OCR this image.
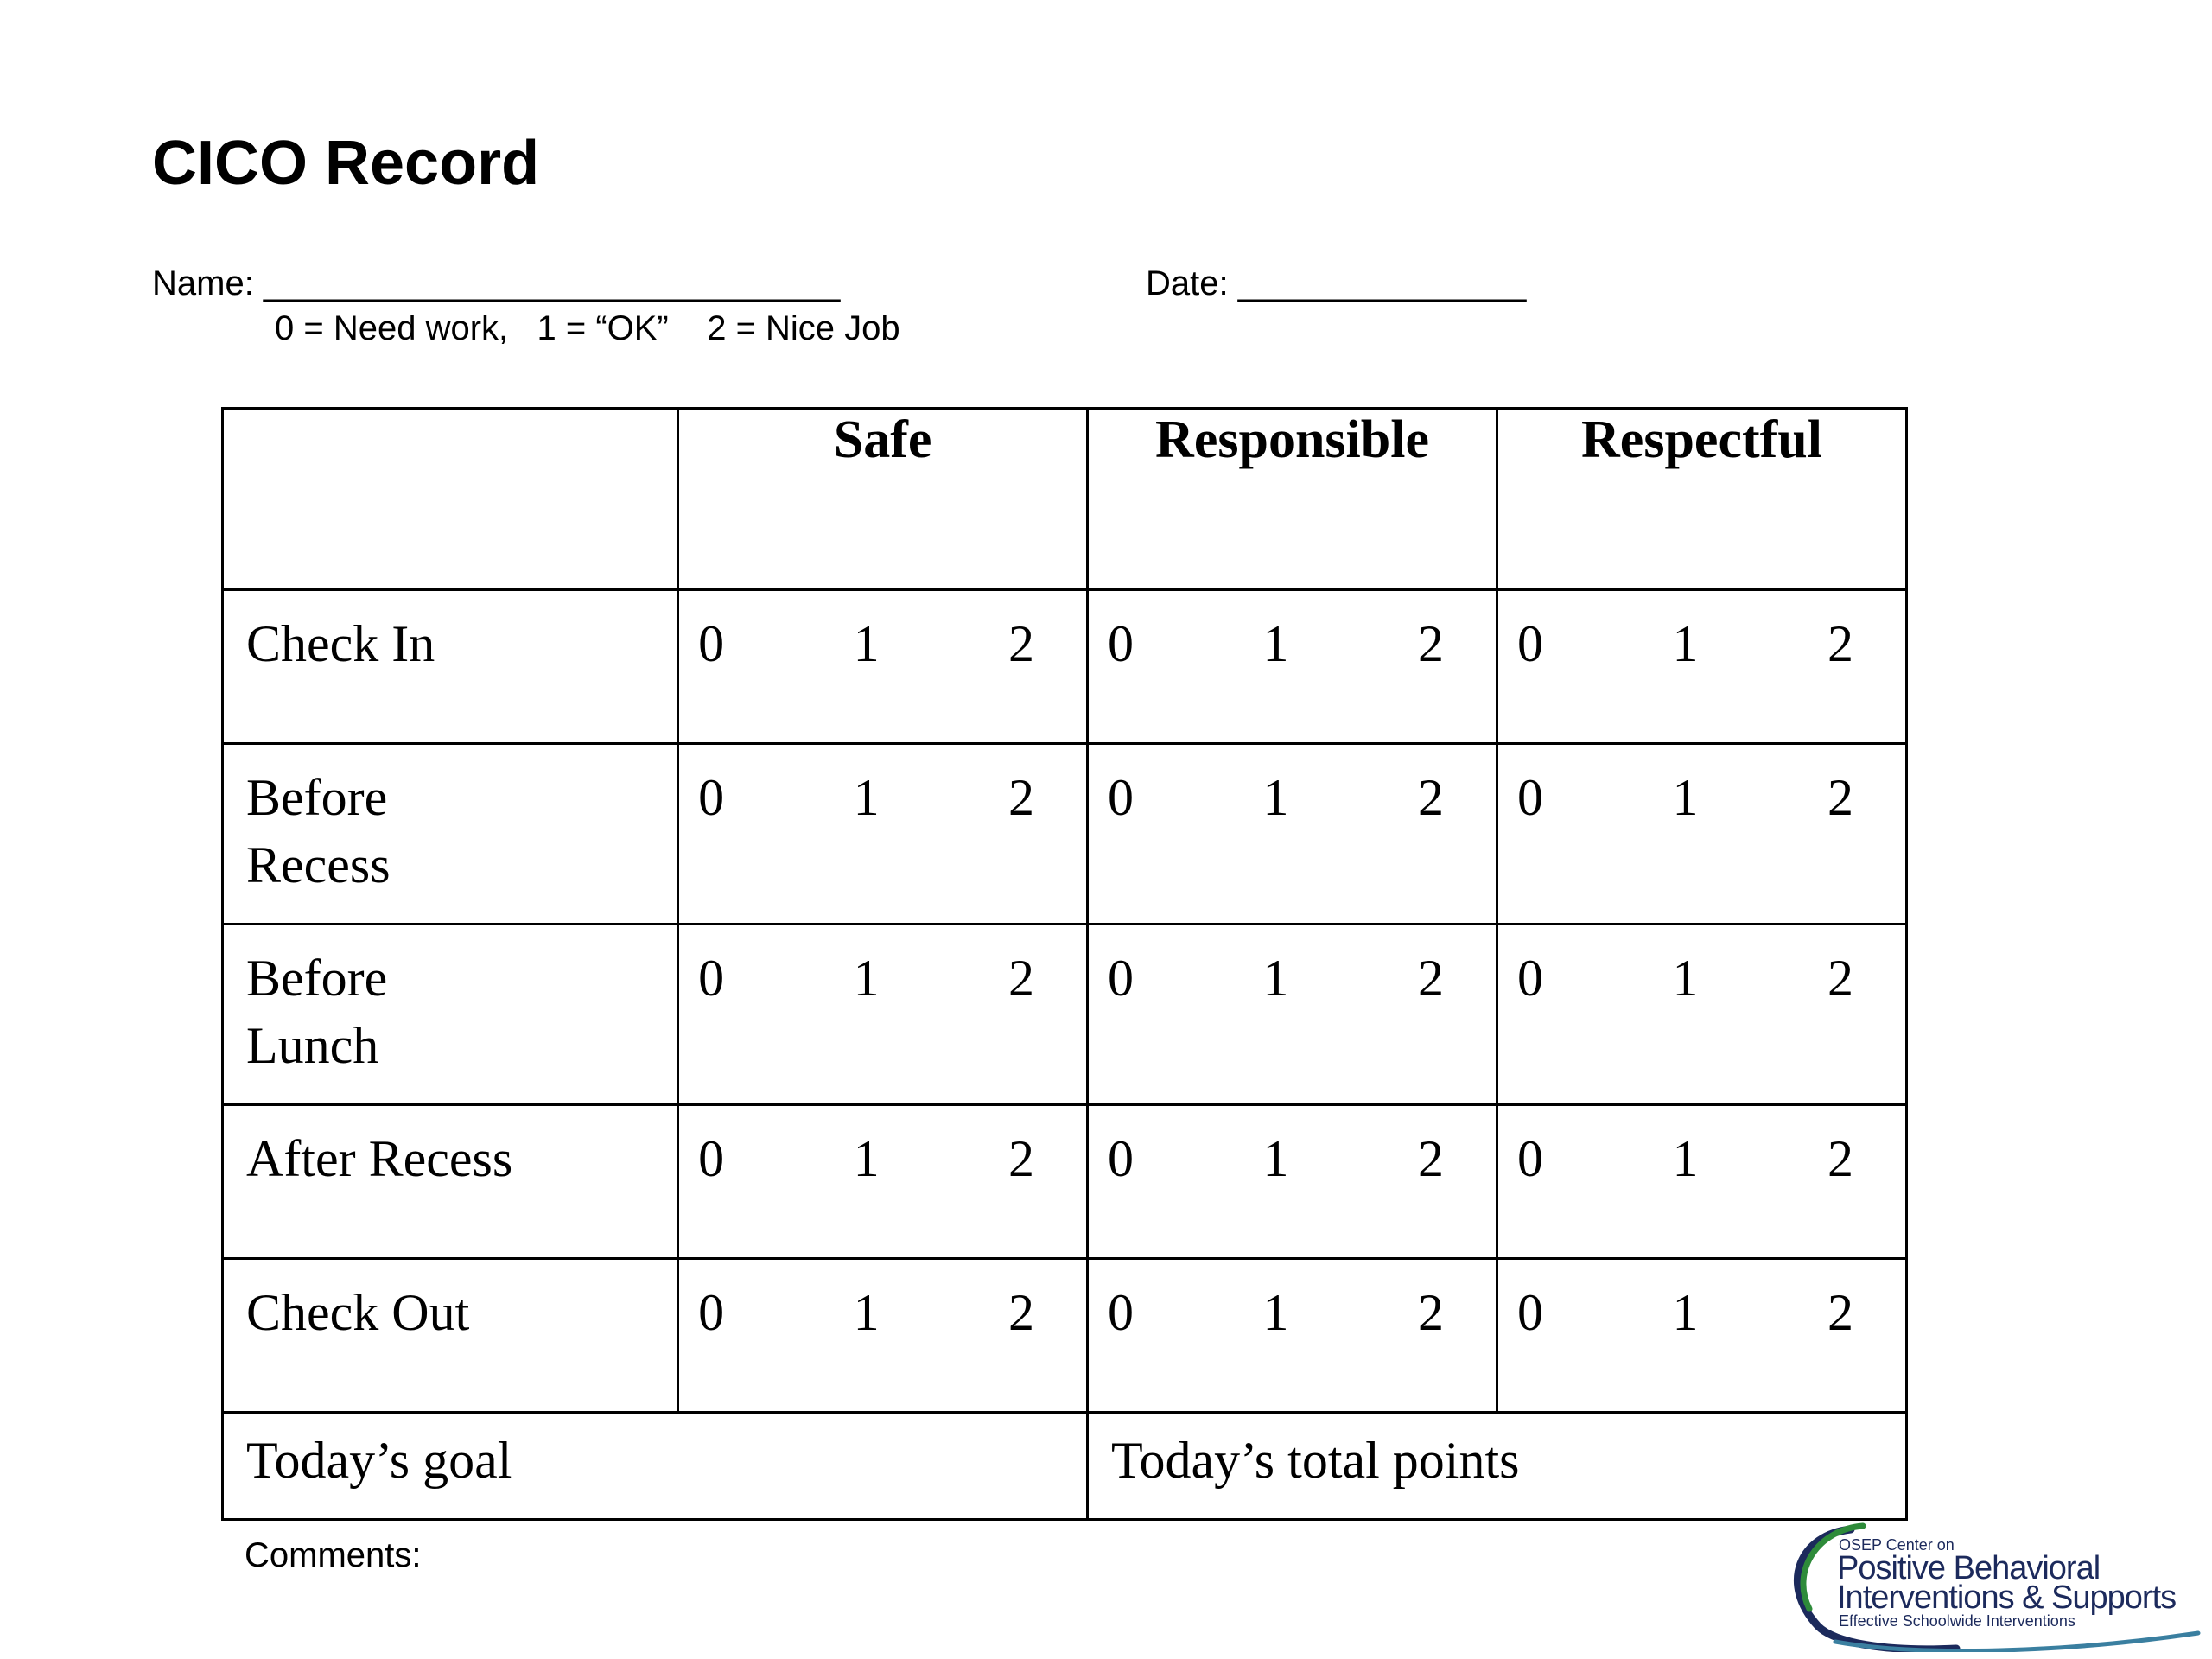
CICO Record
Name: ______________________________	Date: _______________
0 = Need work, 1 = “OK” 2 = Nice Job
	Safe	Responsible	Respectful
Check In	0 1 2	0 1 2	0 1 2

Before
Recess	0 1 2	0 1 2	0 1 2

Before
Lunch	0 1 2	0 1 2	0 1 2

After Recess	0 1 2	0 1 2	0 1 2

Check Out	0 1 2	0 1 2	0 1 2

Today’s goal		Today’s total points	
Comments:	OSEP Center on
Positive Behavioral
Interventions & Supports
Effective Schoolwide Interventions
